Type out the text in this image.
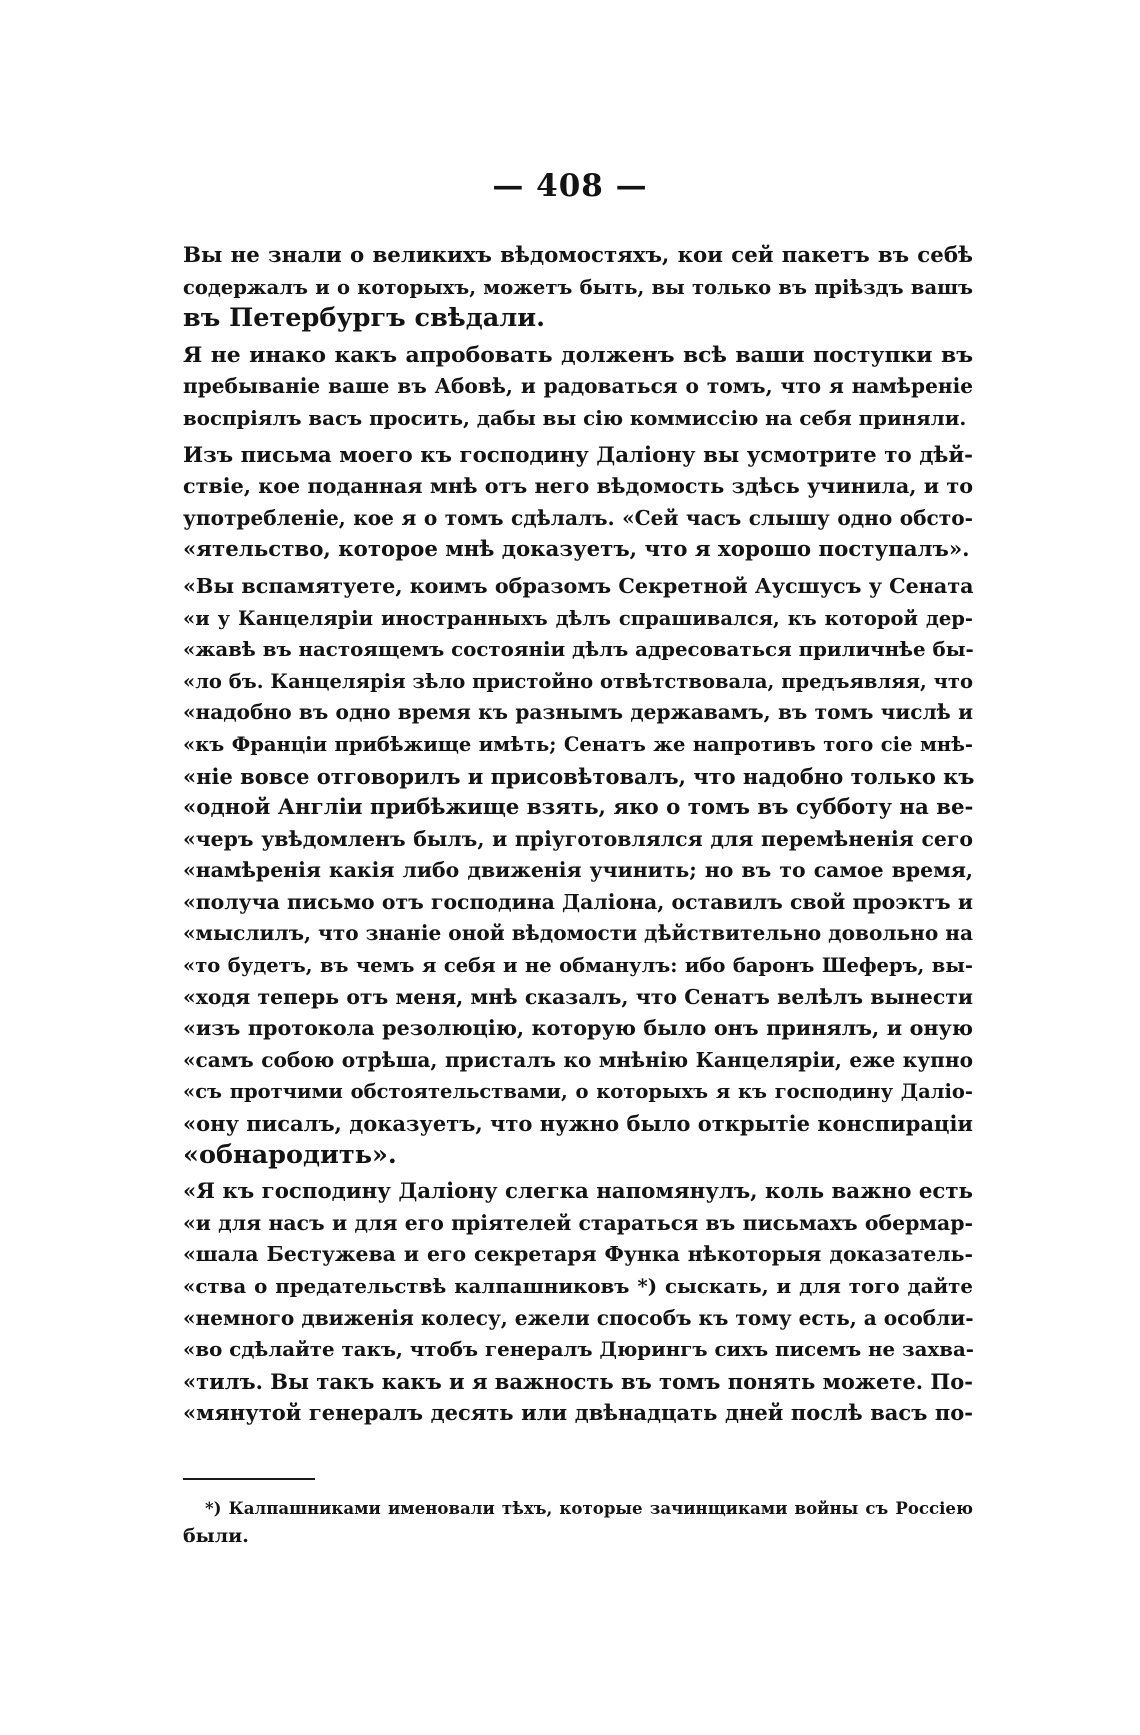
— 408 —
Вы не знали о великихъ вѣдомостяхъ, кои сей пакетъ въ себѣ
содержалъ и о которыхъ, можетъ быть, вы только въ пріѣздъ вашъ
въ Петербургъ свѣдали.
Я не инако какъ апробовать долженъ всѣ ваши поступки въ
пребываніе ваше въ Абовѣ, и радоваться о томъ, что я намѣреніе
воспріялъ васъ просить, дабы вы сію коммиссію на себя приняли.
Изъ письма моего къ господину Даліону вы усмотрите то дѣй-
ствіе, кое поданная мнѣ отъ него вѣдомость здѣсь учинила, и то
употребленіе, кое я о томъ сдѣлалъ. «Сей часъ слышу одно обсто-
«ятельство, которое мнѣ доказуетъ, что я хорошо поступалъ».
«Вы вспамятуете, коимъ образомъ Секретной Аусшусъ у Сената
«и у Канцеляріи иностранныхъ дѣлъ спрашивался, къ которой дер-
«жавѣ въ настоящемъ состояніи дѣлъ адресоваться приличнѣе бы-
«ло бъ. Канцелярія зѣло пристойно отвѣтствовала, предъявляя, что
«надобно въ одно время къ разнымъ державамъ, въ томъ числѣ и
«къ Франціи прибѣжище имѣть; Сенатъ же напротивъ того сіе мнѣ-
«ніе вовсе отговорилъ и присовѣтовалъ, что надобно только къ
«одной Англіи прибѣжище взять, яко о томъ въ субботу на ве-
«черъ увѣдомленъ былъ, и пріуготовлялся для перемѣненія сего
«намѣренія какія либо движенія учинить; но въ то самое время,
«получа письмо отъ господина Даліона, оставилъ свой проэктъ и
«мыслилъ, что знаніе оной вѣдомости дѣйствительно довольно на
«то будетъ, въ чемъ я себя и не обманулъ: ибо баронъ Шеферъ, вы-
«ходя теперь отъ меня, мнѣ сказалъ, что Сенатъ велѣлъ вынести
«изъ протокола резолюцію, которую было онъ принялъ, и оную
«самъ собою отрѣша, присталъ ко мнѣнію Канцеляріи, еже купно
«съ протчими обстоятельствами, о которыхъ я къ господину Даліо-
«ону писалъ, доказуетъ, что нужно было открытіе конспираціи
«обнародить».
«Я къ господину Даліону слегка напомянулъ, коль важно есть
«и для насъ и для его пріятелей стараться въ письмахъ обермар-
«шала Бестужева и его секретаря Функа нѣкоторыя доказатель-
«ства о предательствѣ калпашниковъ *) сыскать, и для того дайте
«немного движенія колесу, ежели способъ къ тому есть, а особли-
«во сдѣлайте такъ, чтобъ генералъ Дюрингъ сихъ писемъ не захва-
«тилъ. Вы такъ какъ и я важность въ томъ понять можете. По-
«мянутой генералъ десять или двѣнадцать дней послѣ васъ по-
*) Калпашниками именовали тѣхъ, которые зачинщиками войны съ Россіею
были.
